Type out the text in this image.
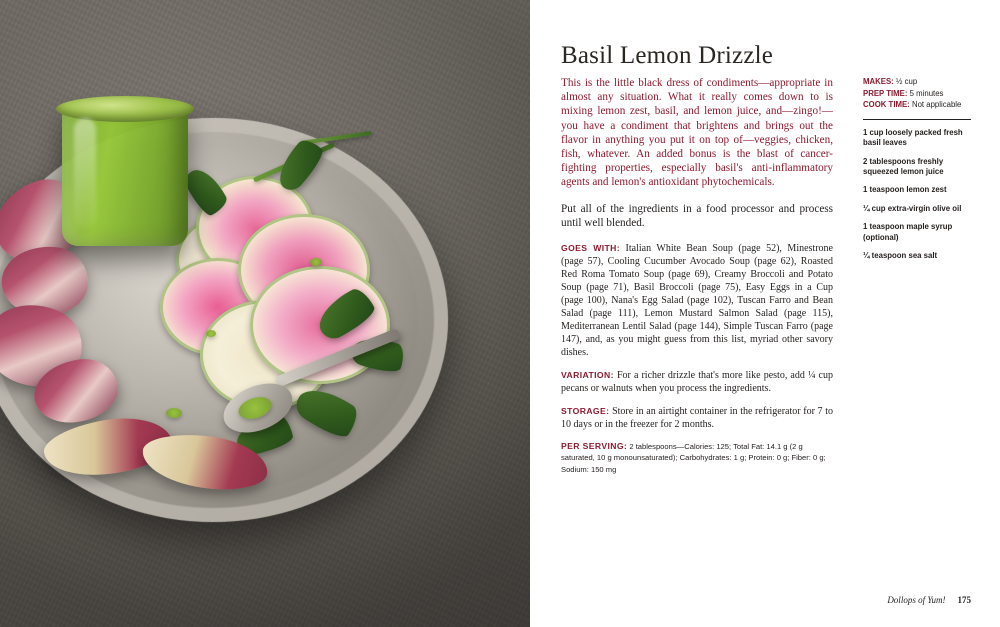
Basil Lemon Drizzle

This is the little black dress of condiments—appropriate in almost any situation. What it really comes down to is mixing lemon zest, basil, and lemon juice, and—zingo!—you have a condiment that brightens and brings out the flavor in anything you put it on top of—veggies, chicken, fish, whatever. An added bonus is the blast of cancer-fighting properties, especially basil's anti-inflammatory agents and lemon's antioxidant phytochemicals.

Put all of the ingredients in a food processor and process until well blended.

GOES WITH: Italian White Bean Soup (page 52), Minestrone (page 57), Cooling Cucumber Avocado Soup (page 62), Roasted Red Roma Tomato Soup (page 69), Creamy Broccoli and Potato Soup (page 71), Basil Broccoli (page 75), Easy Eggs in a Cup (page 100), Nana's Egg Salad (page 102), Tuscan Farro and Bean Salad (page 111), Lemon Mustard Salmon Salad (page 115), Mediterranean Lentil Salad (page 144), Simple Tuscan Farro (page 147), and, as you might guess from this list, myriad other savory dishes.

VARIATION: For a richer drizzle that's more like pesto, add ¼ cup pecans or walnuts when you process the ingredients.

STORAGE: Store in an airtight container in the refrigerator for 7 to 10 days or in the freezer for 2 months.

PER SERVING: 2 tablespoons—Calories: 125; Total Fat: 14.1 g (2 g saturated, 10 g monounsaturated); Carbohydrates: 1 g; Protein: 0 g; Fiber: 0 g; Sodium: 150 mg

MAKES: ½ cup
PREP TIME: 5 minutes
COOK TIME: Not applicable
1 cup loosely packed fresh basil leaves
2 tablespoons freshly squeezed lemon juice
1 teaspoon lemon zest
¼ cup extra-virgin olive oil
1 teaspoon maple syrup (optional)
¼ teaspoon sea salt
Dollops of Yum! 175
